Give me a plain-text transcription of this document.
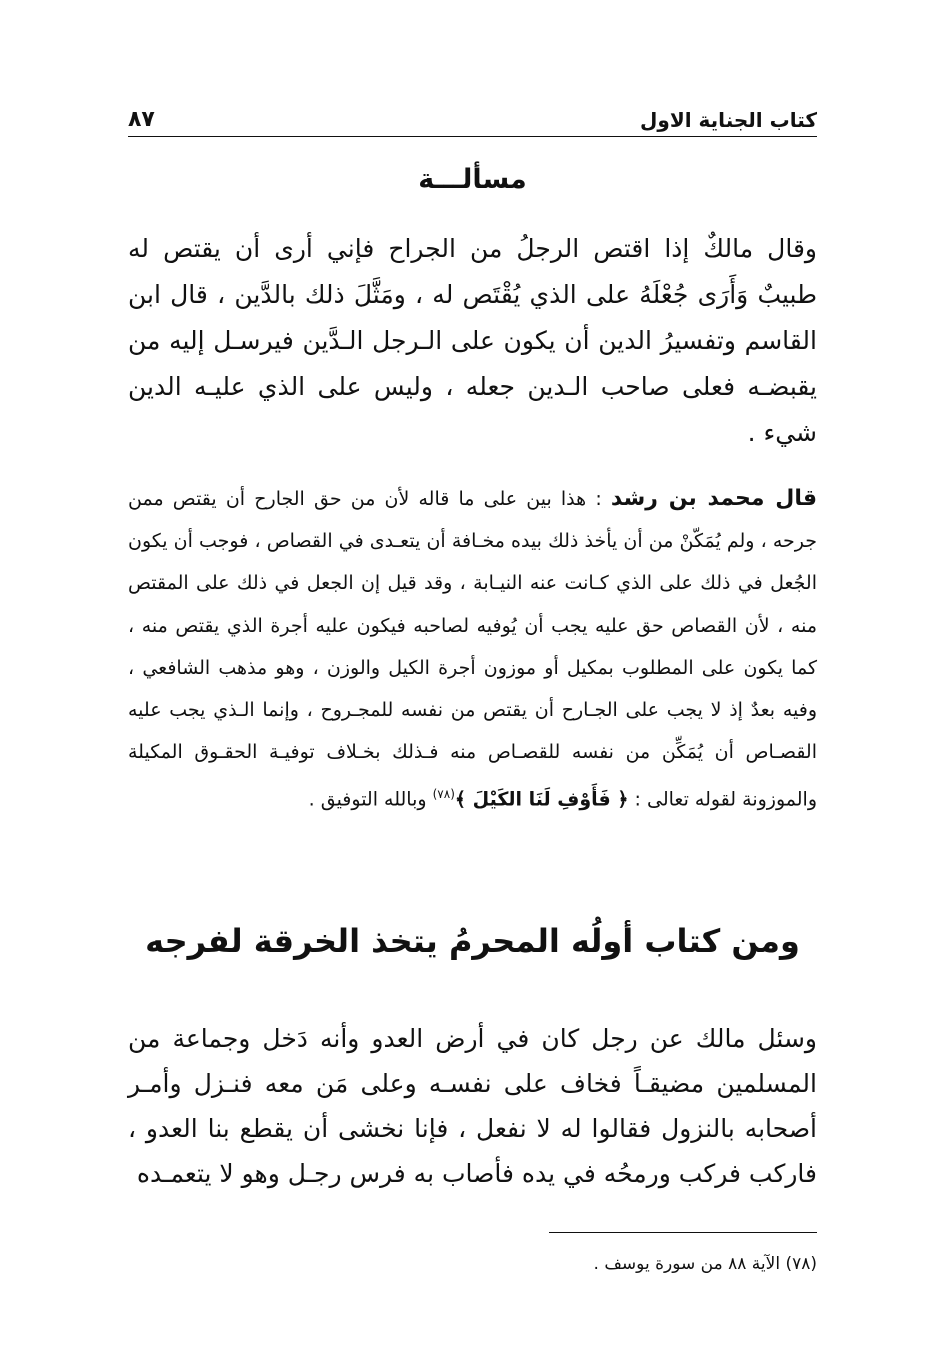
كتاب الجناية الاول
٨٧
مسألـــة

وقال مالكٌ إذا اقتص الرجلُ من الجراح فإني أرى أن يقتص له طبيبٌ وَأَرَى جُعْلَهُ على الذي يُقْتَص له ، ومَثَّلَ ذلك بالدَّين ، قال ابن القاسم وتفسيرُ الدين أن يكون على الـرجل الـدَّين فيرسـل إليه من يقبضـه فعلى صاحب الـدين جعله ، وليس على الذي عليـه الدين شيء .

قال محمد بن رشد : هذا بين على ما قاله لأن من حق الجارح أن يقتص ممن جرحه ، ولم يُمَكّنْ من أن يأخذ ذلك بيده مخـافة أن يتعـدى في القصاص ، فوجب أن يكون الجُعل في ذلك على الذي كـانت عنه النيـابة ، وقد قيل إن الجعل في ذلك على المقتص منه ، لأن القصاص حق عليه يجب أن يُوفيه لصاحبه فيكون عليه أجرة الذي يقتص منه ، كما يكون على المطلوب بمكيل أو موزون أجرة الكيل والوزن ، وهو مذهب الشافعي ، وفيه بعدٌ إذ لا يجب على الجـارح أن يقتص من نفسه للمجـروح ، وإنما الـذي يجب عليه القصـاص أن يُمَكِّن من نفسه للقصـاص منه فـذلك بخـلاف توفيـة الحقـوق المكيلة والموزونة لقوله تعالى : ﴿ فَأَوْفِ لَنَا الكَيْلَ ﴾$^{(٧٨)}$ وبالله التوفيق .

ومن كتاب أولُه المحرمُ يتخذ الخرقة لفرجه

وسئل مالك عن رجل كان في أرض العدو وأنه دَخل وجماعة من المسلمين مضيقـاً فخاف على نفسـه وعلى مَن معه فنـزل وأمـر أصحابه بالنزول فقالوا له لا نفعل ، فإنا نخشى أن يقطع بنا العدو ، فاركب فركب ورمحُه في يده فأصاب به فرس رجـل وهو لا يتعمـده

(٧٨) الآية ٨٨ من سورة يوسف .
